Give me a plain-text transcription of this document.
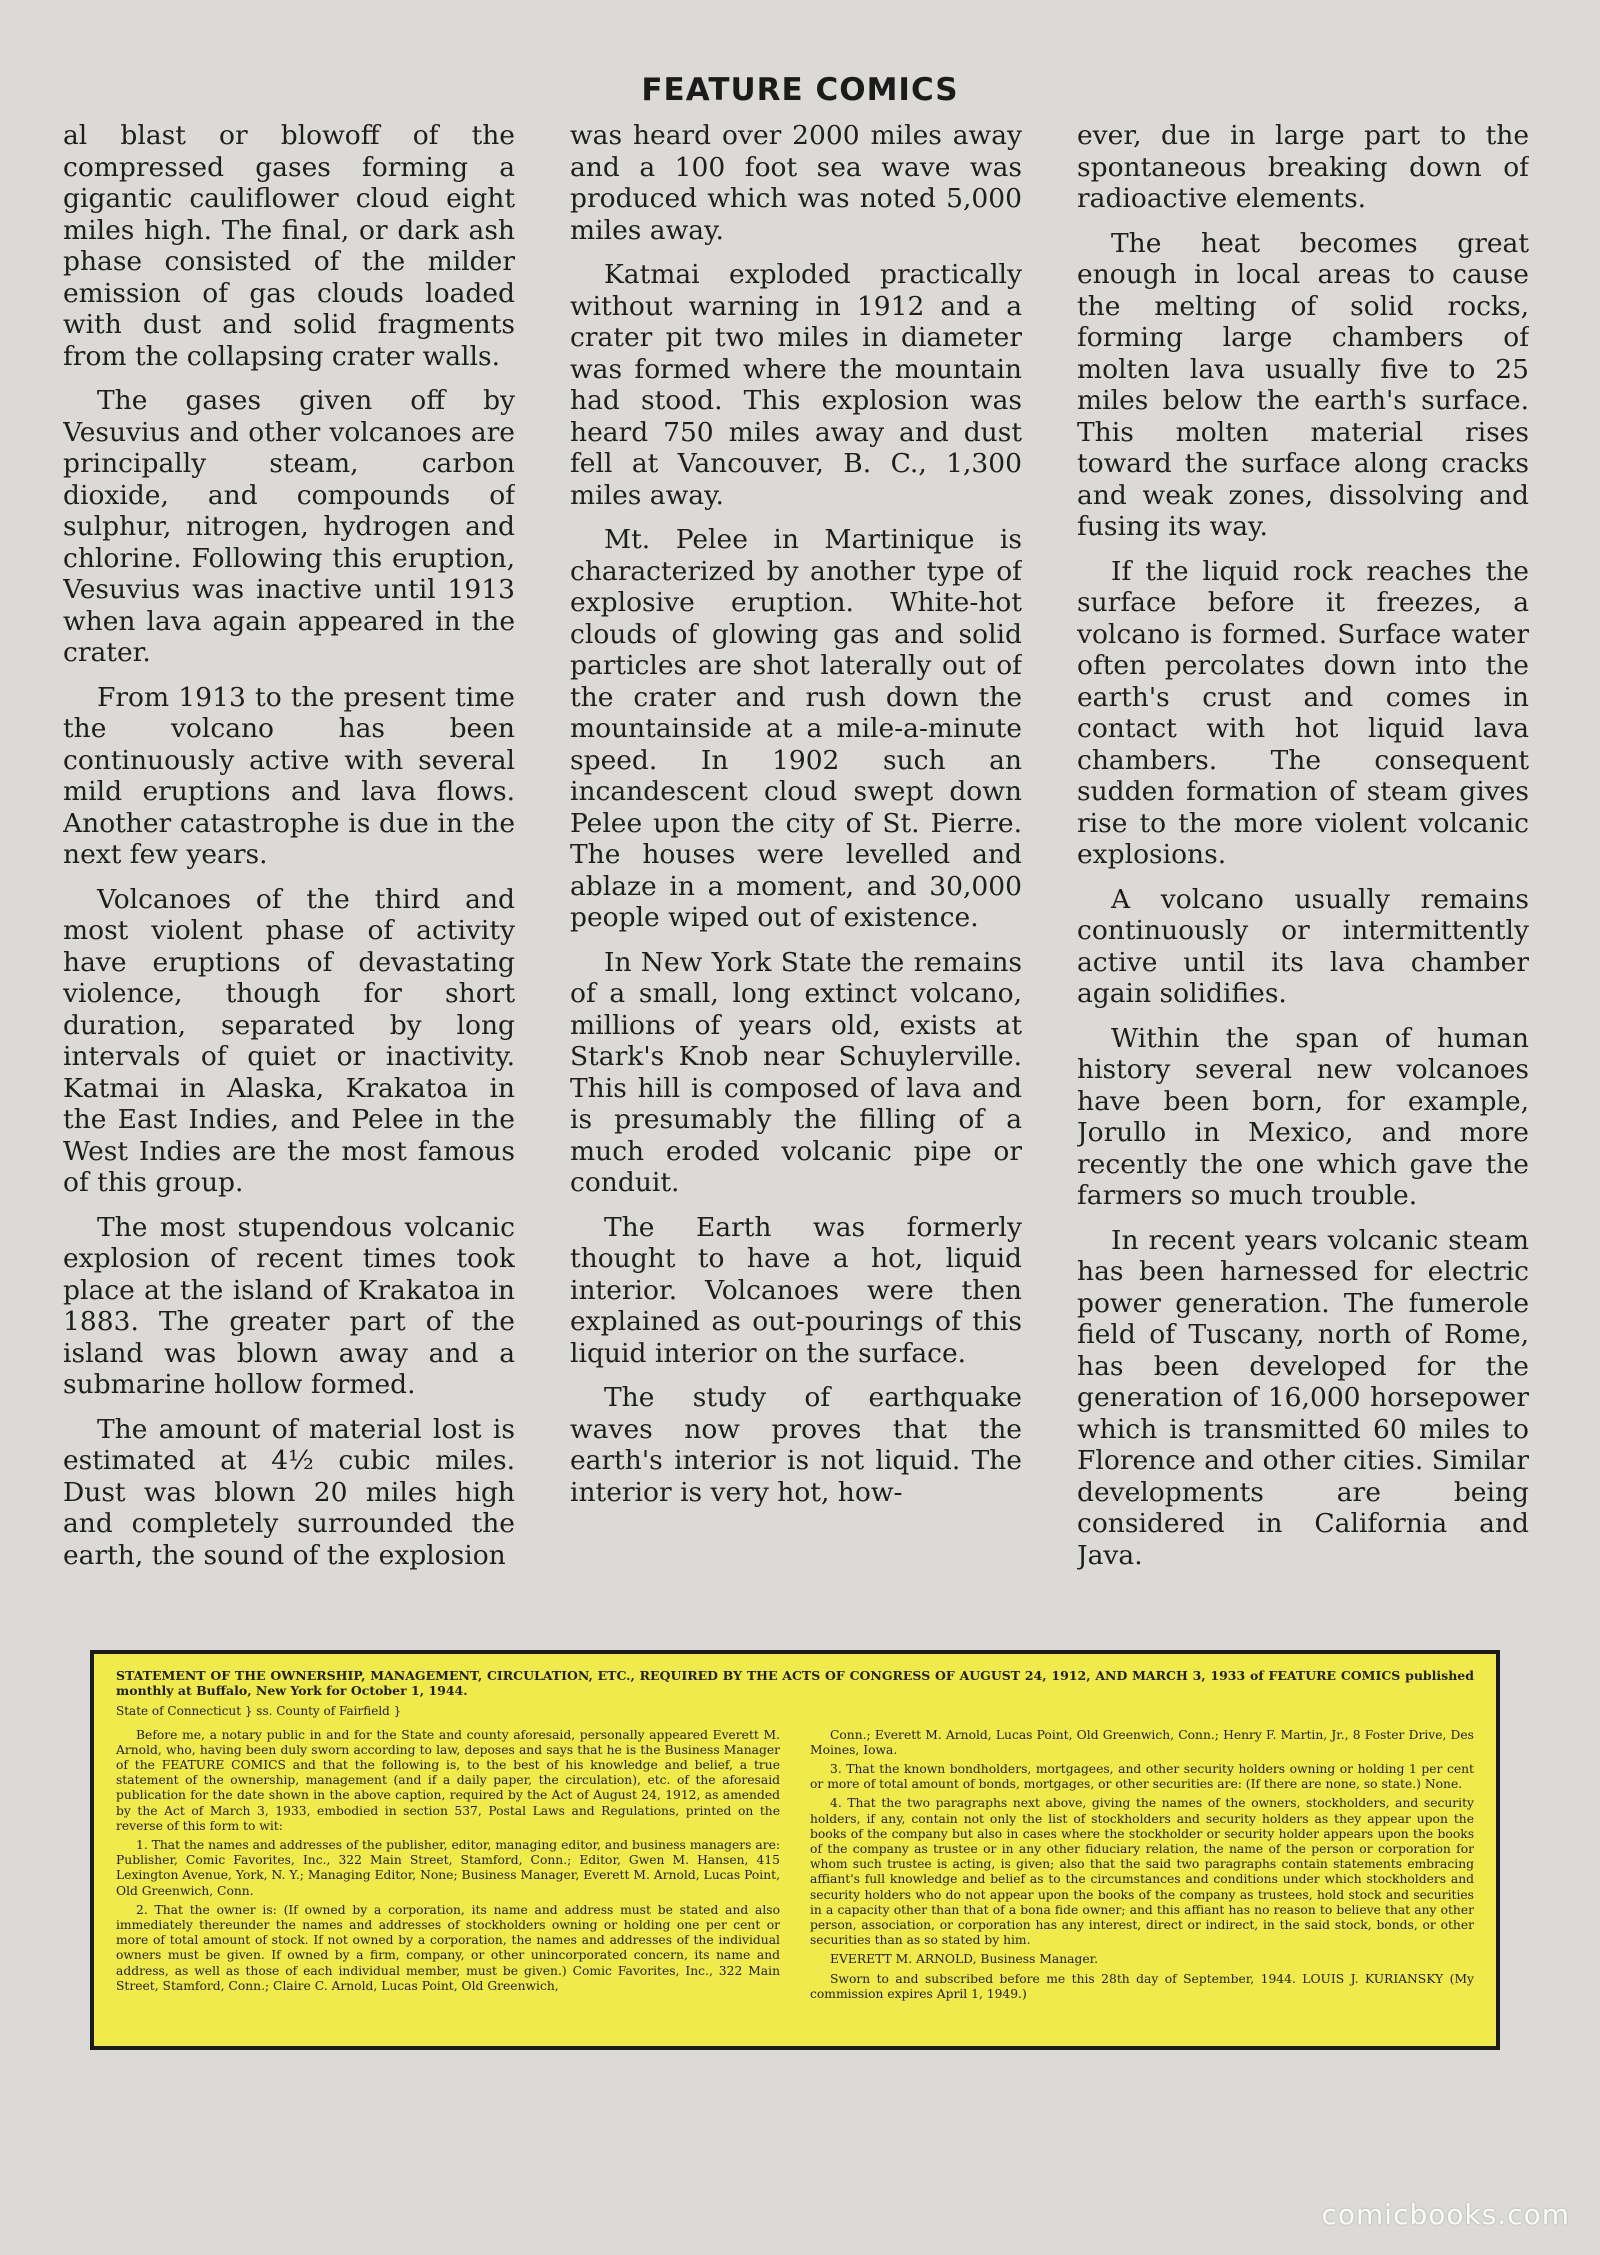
FEATURE COMICS

al blast or blowoff of the compressed gases forming a gigantic cauliflower cloud eight miles high. The final, or dark ash phase consisted of the milder emission of gas clouds loaded with dust and solid fragments from the collapsing crater walls.

The gases given off by Vesuvius and other volcanoes are principally steam, carbon dioxide, and compounds of sulphur, nitrogen, hydrogen and chlorine. Following this eruption, Vesuvius was inactive until 1913 when lava again appeared in the crater.

From 1913 to the present time the volcano has been continuously active with several mild eruptions and lava flows. Another catastrophe is due in the next few years.

Volcanoes of the third and most violent phase of activity have eruptions of devastating violence, though for short duration, separated by long intervals of quiet or inactivity. Katmai in Alaska, Krakatoa in the East Indies, and Pelee in the West Indies are the most famous of this group.

The most stupendous volcanic explosion of recent times took place at the island of Krakatoa in 1883. The greater part of the island was blown away and a submarine hollow formed.

The amount of material lost is estimated at 4½ cubic miles. Dust was blown 20 miles high and completely surrounded the earth, the sound of the explosion

was heard over 2000 miles away and a 100 foot sea wave was produced which was noted 5,000 miles away.

Katmai exploded practically without warning in 1912 and a crater pit two miles in diameter was formed where the mountain had stood. This explosion was heard 750 miles away and dust fell at Vancouver, B. C., 1,300 miles away.

Mt. Pelee in Martinique is characterized by another type of explosive eruption. White-hot clouds of glowing gas and solid particles are shot laterally out of the crater and rush down the mountainside at a mile-a-minute speed. In 1902 such an incandescent cloud swept down Pelee upon the city of St. Pierre. The houses were levelled and ablaze in a moment, and 30,000 people wiped out of existence.

In New York State the remains of a small, long extinct volcano, millions of years old, exists at Stark's Knob near Schuylerville. This hill is composed of lava and is presumably the filling of a much eroded volcanic pipe or conduit.

The Earth was formerly thought to have a hot, liquid interior. Volcanoes were then explained as out-pourings of this liquid interior on the surface.

The study of earthquake waves now proves that the earth's interior is not liquid. The interior is very hot, how-

ever, due in large part to the spontaneous breaking down of radioactive elements.

The heat becomes great enough in local areas to cause the melting of solid rocks, forming large chambers of molten lava usually five to 25 miles below the earth's surface. This molten material rises toward the surface along cracks and weak zones, dissolving and fusing its way.

If the liquid rock reaches the surface before it freezes, a volcano is formed. Surface water often percolates down into the earth's crust and comes in contact with hot liquid lava chambers. The consequent sudden formation of steam gives rise to the more violent volcanic explosions.

A volcano usually remains continuously or intermittently active until its lava chamber again solidifies.

Within the span of human history several new volcanoes have been born, for example, Jorullo in Mexico, and more recently the one which gave the farmers so much trouble.

In recent years volcanic steam has been harnessed for electric power generation. The fumerole field of Tuscany, north of Rome, has been developed for the generation of 16,000 horsepower which is transmitted 60 miles to Florence and other cities. Similar developments are being considered in California and Java.

STATEMENT OF THE OWNERSHIP, MANAGEMENT, CIRCULATION, ETC., REQUIRED BY THE ACTS OF CONGRESS OF AUGUST 24, 1912, AND MARCH 3, 1933 of FEATURE COMICS published monthly at Buffalo, New York for October 1, 1944.

State of Connecticut } ss. County of Fairfield }

Before me, a notary public in and for the State and county aforesaid, personally appeared Everett M. Arnold, who, having been duly sworn according to law, deposes and says that he is the Business Manager of the FEATURE COMICS and that the following is, to the best of his knowledge and belief, a true statement of the ownership, management (and if a daily paper, the circulation), etc. of the aforesaid publication for the date shown in the above caption, required by the Act of August 24, 1912, as amended by the Act of March 3, 1933, embodied in section 537, Postal Laws and Regulations, printed on the reverse of this form to wit:

1. That the names and addresses of the publisher, editor, managing editor, and business managers are: Publisher, Comic Favorites, Inc., 322 Main Street, Stamford, Conn.; Editor, Gwen M. Hansen, 415 Lexington Avenue, York, N. Y.; Managing Editor, None; Business Manager, Everett M. Arnold, Lucas Point, Old Greenwich, Conn.

2. That the owner is: (If owned by a corporation, its name and address must be stated and also immediately thereunder the names and addresses of stockholders owning or holding one per cent or more of total amount of stock. If not owned by a corporation, the names and addresses of the individual owners must be given. If owned by a firm, company, or other unincorporated concern, its name and address, as well as those of each individual member, must be given.) Comic Favorites, Inc., 322 Main Street, Stamford, Conn.; Claire C. Arnold, Lucas Point, Old Greenwich,

Conn.; Everett M. Arnold, Lucas Point, Old Greenwich, Conn.; Henry F. Martin, Jr., 8 Foster Drive, Des Moines, Iowa.

3. That the known bondholders, mortgagees, and other security holders owning or holding 1 per cent or more of total amount of bonds, mortgages, or other securities are: (If there are none, so state.) None.

4. That the two paragraphs next above, giving the names of the owners, stockholders, and security holders, if any, contain not only the list of stockholders and security holders as they appear upon the books of the company but also in cases where the stockholder or security holder appears upon the books of the company as trustee or in any other fiduciary relation, the name of the person or corporation for whom such trustee is acting, is given; also that the said two paragraphs contain statements embracing affiant's full knowledge and belief as to the circumstances and conditions under which stockholders and security holders who do not appear upon the books of the company as trustees, hold stock and securities in a capacity other than that of a bona fide owner; and this affiant has no reason to believe that any other person, association, or corporation has any interest, direct or indirect, in the said stock, bonds, or other securities than as so stated by him.

EVERETT M. ARNOLD, Business Manager.

Sworn to and subscribed before me this 28th day of September, 1944. LOUIS J. KURIANSKY (My commission expires April 1, 1949.)

comicbooks.com
